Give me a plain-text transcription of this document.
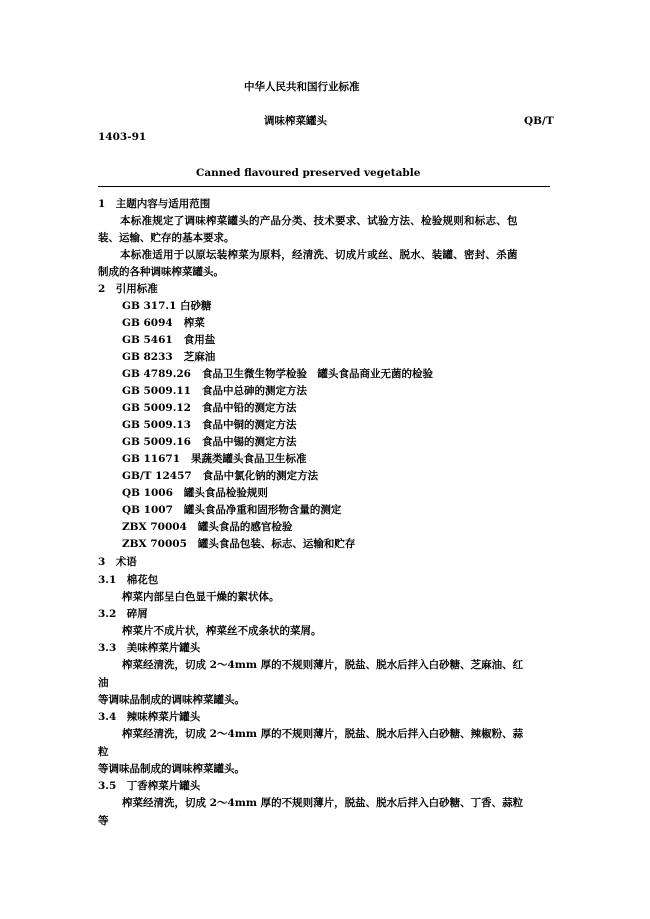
中华人民共和国行业标准
调味榨菜罐头	QB/T
1403-91
Canned flavoured preserved vegetable
1　主题内容与适用范围
本标准规定了调味榨菜罐头的产品分类、技术要求、试验方法、检验规则和标志、包
装、运输、贮存的基本要求。
本标准适用于以原坛装榨菜为原料，经清洗、切成片或丝、脱水、装罐、密封、杀菌
制成的各种调味榨菜罐头。
2　引用标准
GB 317.1 白砂糖
GB 6094 榨菜
GB 5461 食用盐
GB 8233 芝麻油
GB 4789.26 食品卫生微生物学检验　罐头食品商业无菌的检验
GB 5009.11 食品中总砷的测定方法
GB 5009.12 食品中铅的测定方法
GB 5009.13 食品中铜的测定方法
GB 5009.16 食品中锡的测定方法
GB 11671 果蔬类罐头食品卫生标准
GB/T 12457 食品中氯化钠的测定方法
QB 1006 罐头食品检验规则
QB 1007 罐头食品净重和固形物含量的测定
ZBX 70004 罐头食品的感官检验
ZBX 70005 罐头食品包装、标志、运输和贮存
3　术语
3.1　棉花包
榨菜内部呈白色显干燥的絮状体。
3.2　碎屑
榨菜片不成片状，榨菜丝不成条状的菜屑。
3.3　美味榨菜片罐头
榨菜经清洗，切成 2～4mm 厚的不规则薄片，脱盐、脱水后拌入白砂糖、芝麻油、红
油
等调味品制成的调味榨菜罐头。
3.4　辣味榨菜片罐头
榨菜经清洗，切成 2～4mm 厚的不规则薄片，脱盐、脱水后拌入白砂糖、辣椒粉、蒜
粒
等调味品制成的调味榨菜罐头。
3.5　丁香榨菜片罐头
榨菜经清洗，切成 2～4mm 厚的不规则薄片，脱盐、脱水后拌入白砂糖、丁香、蒜粒
等
